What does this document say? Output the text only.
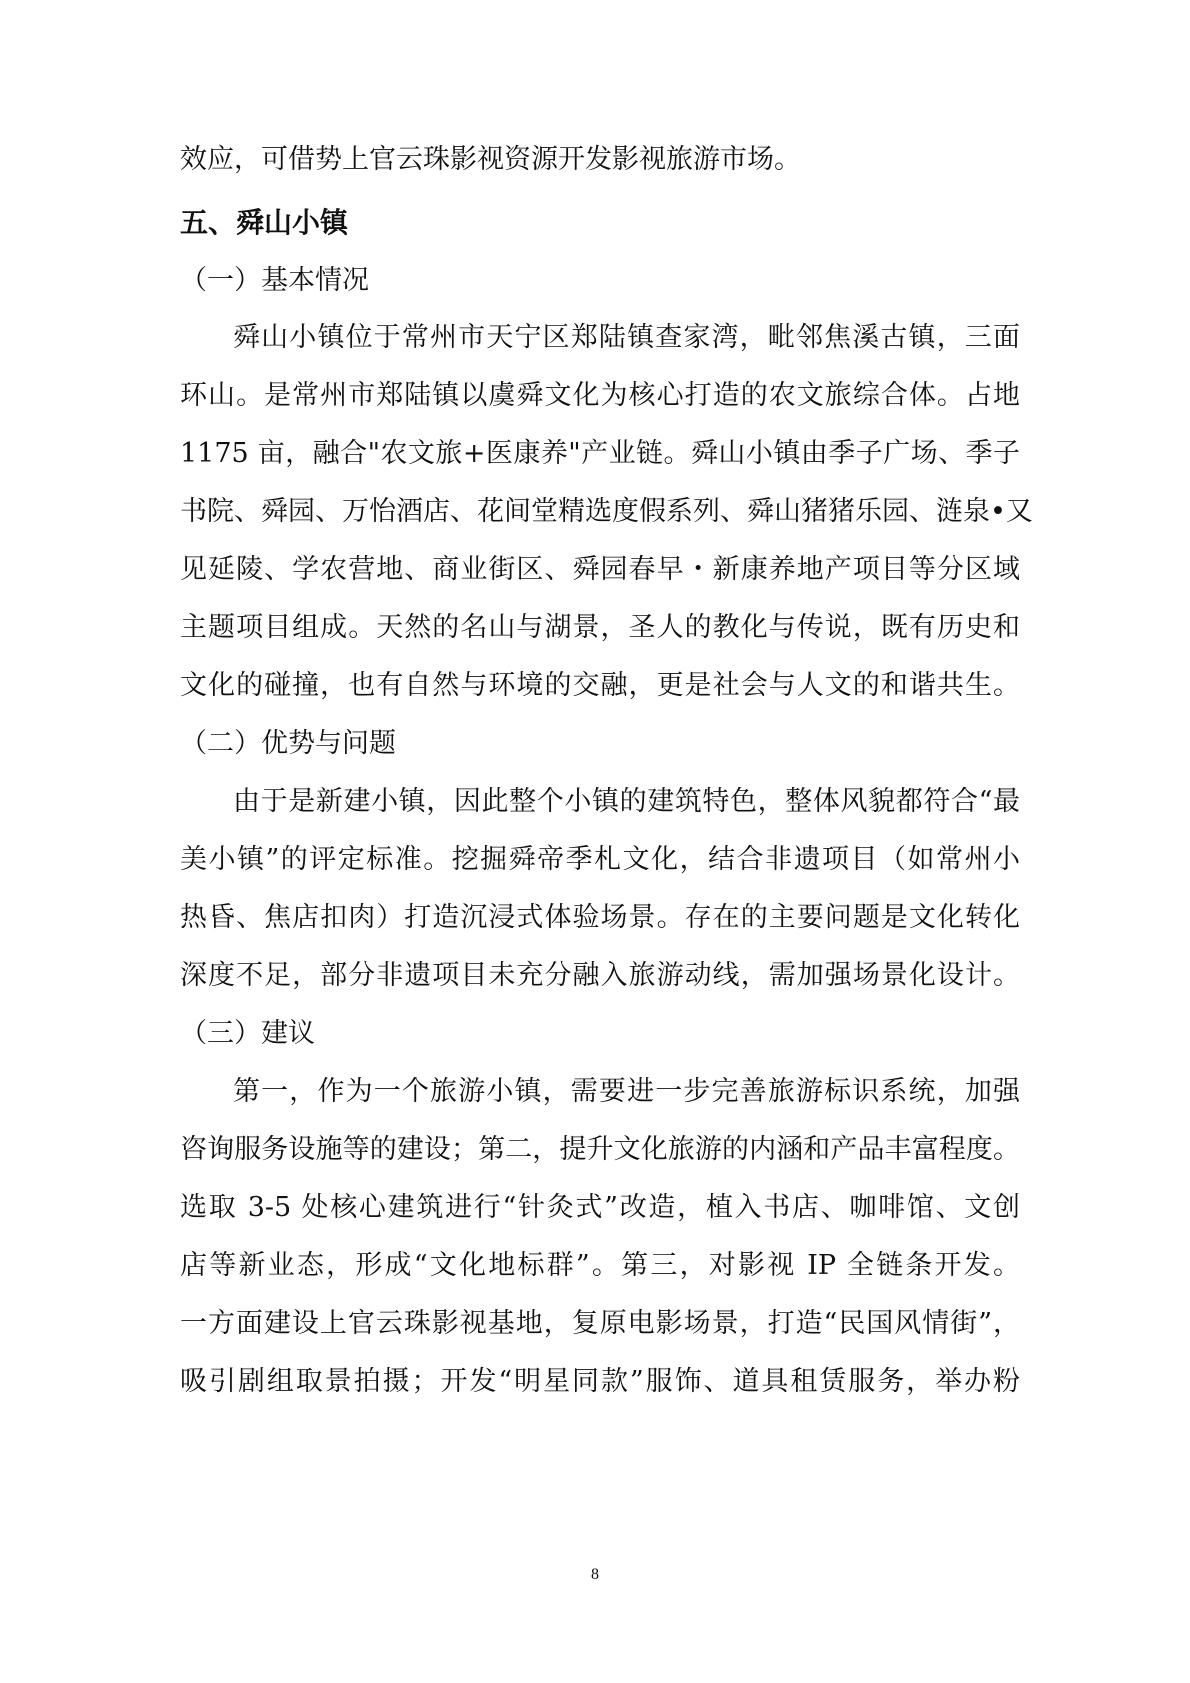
效应，可借势上官云珠影视资源开发影视旅游市场。
五、舜山小镇
（一）基本情况
舜山小镇位于常州市天宁区郑陆镇查家湾，毗邻焦溪古镇，三面
环山。是常州市郑陆镇以虞舜文化为核心打造的农文旅综合体。占地
1175 亩，融合"农文旅+医康养"产业链。舜山小镇由季子广场、季子
书院、舜园、万怡酒店、花间堂精选度假系列、舜山猪猪乐园、涟泉•又
见延陵、学农营地、商业街区、舜园春早・新康养地产项目等分区域
主题项目组成。天然的名山与湖景，圣人的教化与传说，既有历史和
文化的碰撞，也有自然与环境的交融，更是社会与人文的和谐共生。
（二）优势与问题
由于是新建小镇，因此整个小镇的建筑特色，整体风貌都符合“最
美小镇”的评定标准。挖掘舜帝季札文化，结合非遗项目（如常州小
热昏、焦店扣肉）打造沉浸式体验场景。存在的主要问题是文化转化
深度不足，部分非遗项目未充分融入旅游动线，需加强场景化设计。
（三）建议
第一，作为一个旅游小镇，需要进一步完善旅游标识系统，加强
咨询服务设施等的建设；第二，提升文化旅游的内涵和产品丰富程度。
选取 3-5 处核心建筑进行“针灸式”改造，植入书店、咖啡馆、文创
店等新业态，形成“文化地标群”。第三，对影视 IP 全链条开发。
一方面建设上官云珠影视基地，复原电影场景，打造“民国风情街”，
吸引剧组取景拍摄；开发“明星同款”服饰、道具租赁服务，举办粉
8
